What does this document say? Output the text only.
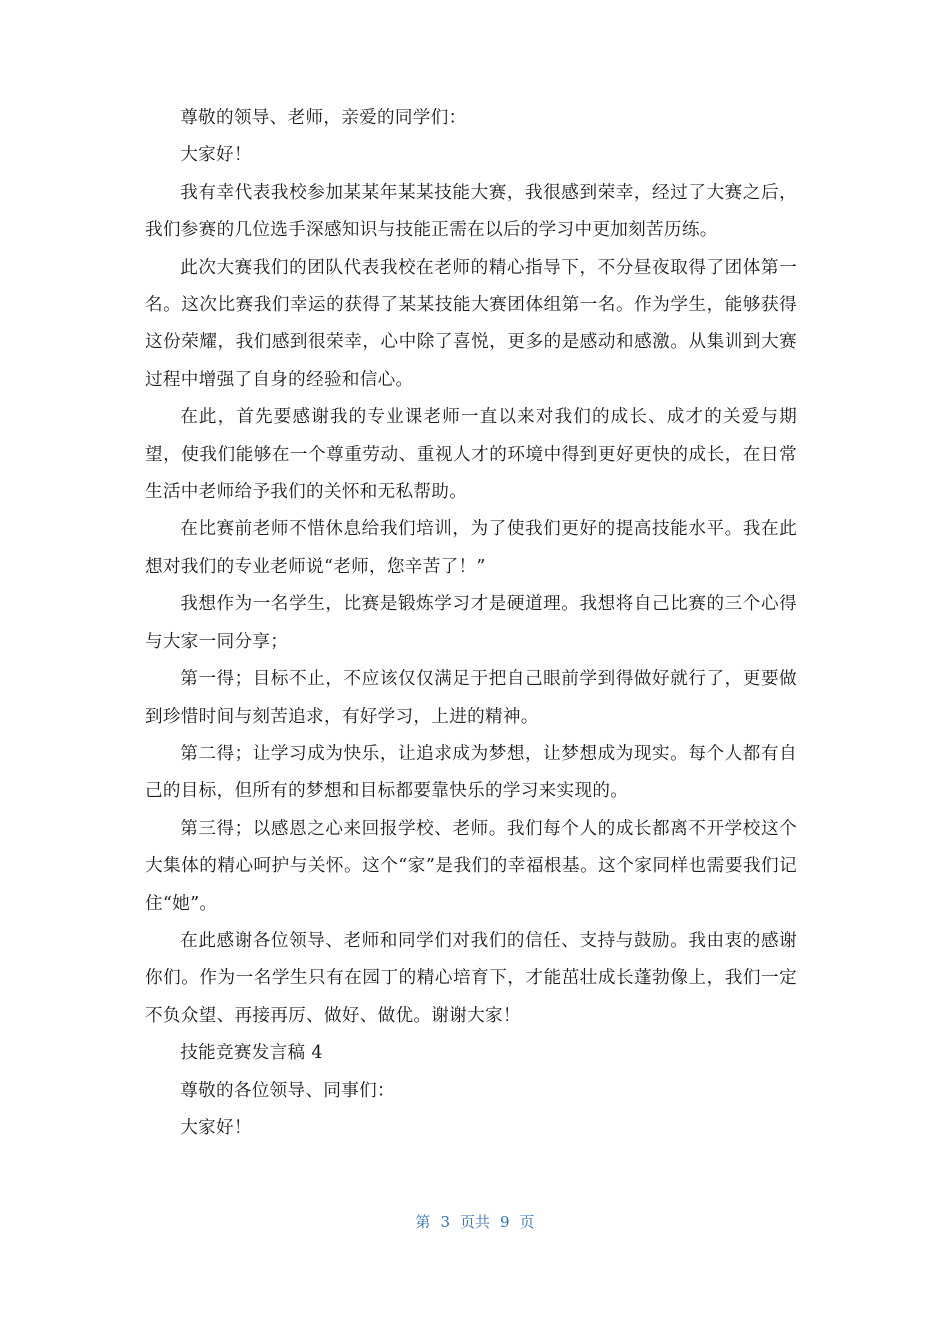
尊敬的领导、老师，亲爱的同学们：

大家好！

我有幸代表我校参加某某年某某技能大赛，我很感到荣幸，经过了大赛之后，我们参赛的几位选手深感知识与技能正需在以后的学习中更加刻苦历练。

此次大赛我们的团队代表我校在老师的精心指导下，不分昼夜取得了团体第一名。这次比赛我们幸运的获得了某某技能大赛团体组第一名。作为学生，能够获得这份荣耀，我们感到很荣幸，心中除了喜悦，更多的是感动和感激。从集训到大赛过程中增强了自身的经验和信心。

在此，首先要感谢我的专业课老师一直以来对我们的成长、成才的关爱与期望，使我们能够在一个尊重劳动、重视人才的环境中得到更好更快的成长，在日常生活中老师给予我们的关怀和无私帮助。

在比赛前老师不惜休息给我们培训，为了使我们更好的提高技能水平。我在此想对我们的专业老师说“老师，您辛苦了！”

我想作为一名学生，比赛是锻炼学习才是硬道理。我想将自己比赛的三个心得与大家一同分享；

第一得；目标不止，不应该仅仅满足于把自己眼前学到得做好就行了，更要做到珍惜时间与刻苦追求，有好学习，上进的精神。

第二得；让学习成为快乐，让追求成为梦想，让梦想成为现实。每个人都有自己的目标，但所有的梦想和目标都要靠快乐的学习来实现的。

第三得；以感恩之心来回报学校、老师。我们每个人的成长都离不开学校这个大集体的精心呵护与关怀。这个“家”是我们的幸福根基。这个家同样也需要我们记住“她”。

在此感谢各位领导、老师和同学们对我们的信任、支持与鼓励。我由衷的感谢你们。作为一名学生只有在园丁的精心培育下，才能茁壮成长蓬勃像上，我们一定不负众望、再接再厉、做好、做优。谢谢大家！

技能竞赛发言稿 4

尊敬的各位领导、同事们：

大家好！

第 3 页共 9 页
